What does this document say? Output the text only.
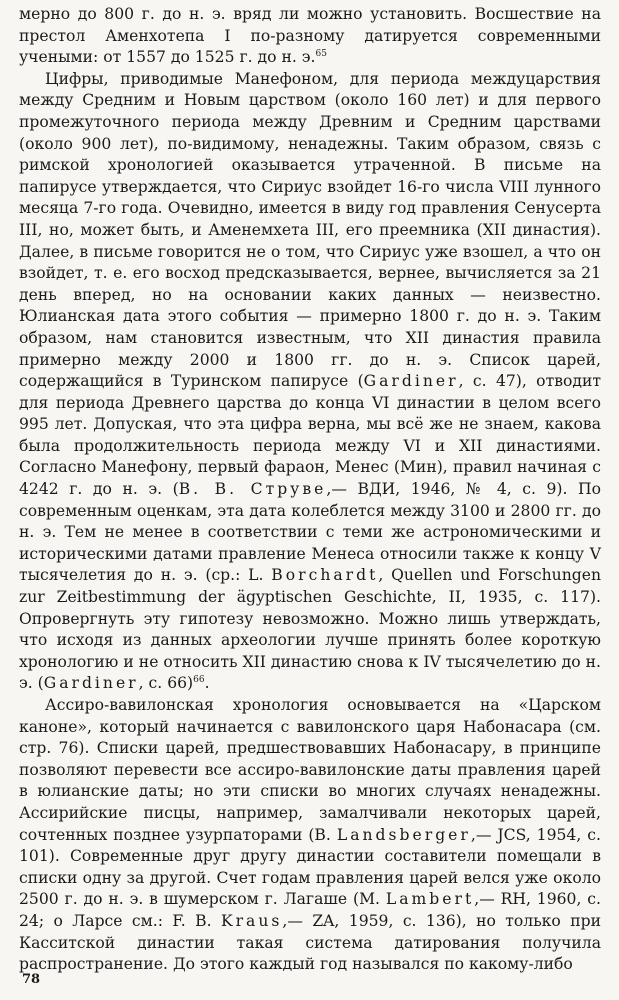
мерно до 800 г. до н. э. вряд ли можно установить. Восшествие на престол Аменхотепа I по-разному датируется современными учеными: от 1557 до 1525 г. до н. э.$^{65}$

Цифры, приводимые Манефоном, для периода междуцарствия между Средним и Новым царством (около 160 лет) и для первого промежуточного периода между Древним и Средним царствами (около 900 лет), по-видимому, ненадежны. Таким образом, связь с римской хронологией оказывается утраченной. В письме на папирусе утверждается, что Сириус взойдет 16-го числа VIII лунного месяца 7-го года. Очевидно, имеется в виду год правления Сенусерта III, но, может быть, и Аменемхета III, его преемника (XII династия). Далее, в письме говорится не о том, что Сириус уже взошел, а что он взойдет, т. е. его восход предсказывается, вернее, вычисляется за 21 день вперед, но на основании каких данных — неизвестно. Юлианская дата этого события — примерно 1800 г. до н. э. Таким образом, нам становится известным, что XII династия правила примерно между 2000 и 1800 гг. до н. э. Список царей, содержащийся в Туринском папирусе (Gardiner, с. 47), отводит для периода Древнего царства до конца VI династии в целом всего 995 лет. Допуская, что эта цифра верна, мы всё же не знаем, какова была продолжительность периода между VI и XII династиями. Согласно Манефону, первый фараон, Менес (Мин), правил начиная с 4242 г. до н. э. (В. В. Струве,— ВДИ, 1946, № 4, с. 9). По современным оценкам, эта дата колеблется между 3100 и 2800 гг. до н. э. Тем не менее в соответствии с теми же астрономическими и историческими датами правление Менеса относили также к концу V тысячелетия до н. э. (ср.: L. Borchardt, Quellen und Forschungen zur Zeitbestimmung der ägyptischen Geschichte, II, 1935, с. 117). Опровергнуть эту гипотезу невозможно. Можно лишь утверждать, что исходя из данных археологии лучше принять более короткую хронологию и не относить XII династию снова к IV тысячелетию до н. э. (Gardiner, с. 66)$^{66}$.

Ассиро-вавилонская хронология основывается на «Царском каноне», который начинается с вавилонского царя Набонасара (см. стр. 76). Списки царей, предшествовавших Набонасару, в принципе позволяют перевести все ассиро-вавилонские даты правления царей в юлианские даты; но эти списки во многих случаях ненадежны. Ассирийские писцы, например, замалчивали некоторых царей, сочтенных позднее узурпаторами (B. Landsberger,— JCS, 1954, с. 101). Современные друг другу династии составители помещали в списки одну за другой. Счет годам правления царей велся уже около 2500 г. до н. э. в шумерском г. Лагаше (M. Lambert,— RH, 1960, с. 24; о Ларсе см.: F. B. Kraus,— ZA, 1959, с. 136), но только при Касситской династии такая система датирования получила распространение. До этого каждый год назывался по какому-либо

78
